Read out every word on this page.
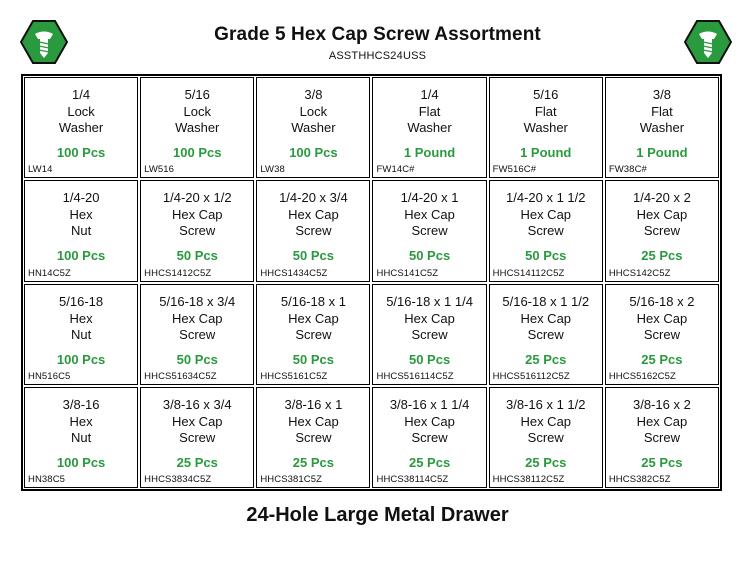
Grade 5 Hex Cap Screw Assortment
ASSTHHCS24USS
1/4
Lock
Washer
100 Pcs
LW14
5/16
Lock
Washer
100 Pcs
LW516
3/8
Lock
Washer
100 Pcs
LW38
1/4
Flat
Washer
1 Pound
FW14C#
5/16
Flat
Washer
1 Pound
FW516C#
3/8
Flat
Washer
1 Pound
FW38C#
1/4-20
Hex
Nut
100 Pcs
HN14C5Z
1/4-20 x 1/2
Hex Cap
Screw
50 Pcs
HHCS1412C5Z
1/4-20 x 3/4
Hex Cap
Screw
50 Pcs
HHCS1434C5Z
1/4-20 x 1
Hex Cap
Screw
50 Pcs
HHCS141C5Z
1/4-20 x 1 1/2
Hex Cap
Screw
50 Pcs
HHCS14112C5Z
1/4-20 x 2
Hex Cap
Screw
25 Pcs
HHCS142C5Z
5/16-18
Hex
Nut
100 Pcs
HN516C5
5/16-18 x 3/4
Hex Cap
Screw
50 Pcs
HHCS51634C5Z
5/16-18 x 1
Hex Cap
Screw
50 Pcs
HHCS5161C5Z
5/16-18 x 1 1/4
Hex Cap
Screw
50 Pcs
HHCS516114C5Z
5/16-18 x 1 1/2
Hex Cap
Screw
25 Pcs
HHCS516112C5Z
5/16-18 x 2
Hex Cap
Screw
25 Pcs
HHCS5162C5Z
3/8-16
Hex
Nut
100 Pcs
HN38C5
3/8-16 x 3/4
Hex Cap
Screw
25 Pcs
HHCS3834C5Z
3/8-16 x 1
Hex Cap
Screw
25 Pcs
HHCS381C5Z
3/8-16 x 1 1/4
Hex Cap
Screw
25 Pcs
HHCS38114C5Z
3/8-16 x 1 1/2
Hex Cap
Screw
25 Pcs
HHCS38112C5Z
3/8-16 x 2
Hex Cap
Screw
25 Pcs
HHCS382C5Z
24-Hole Large Metal Drawer
